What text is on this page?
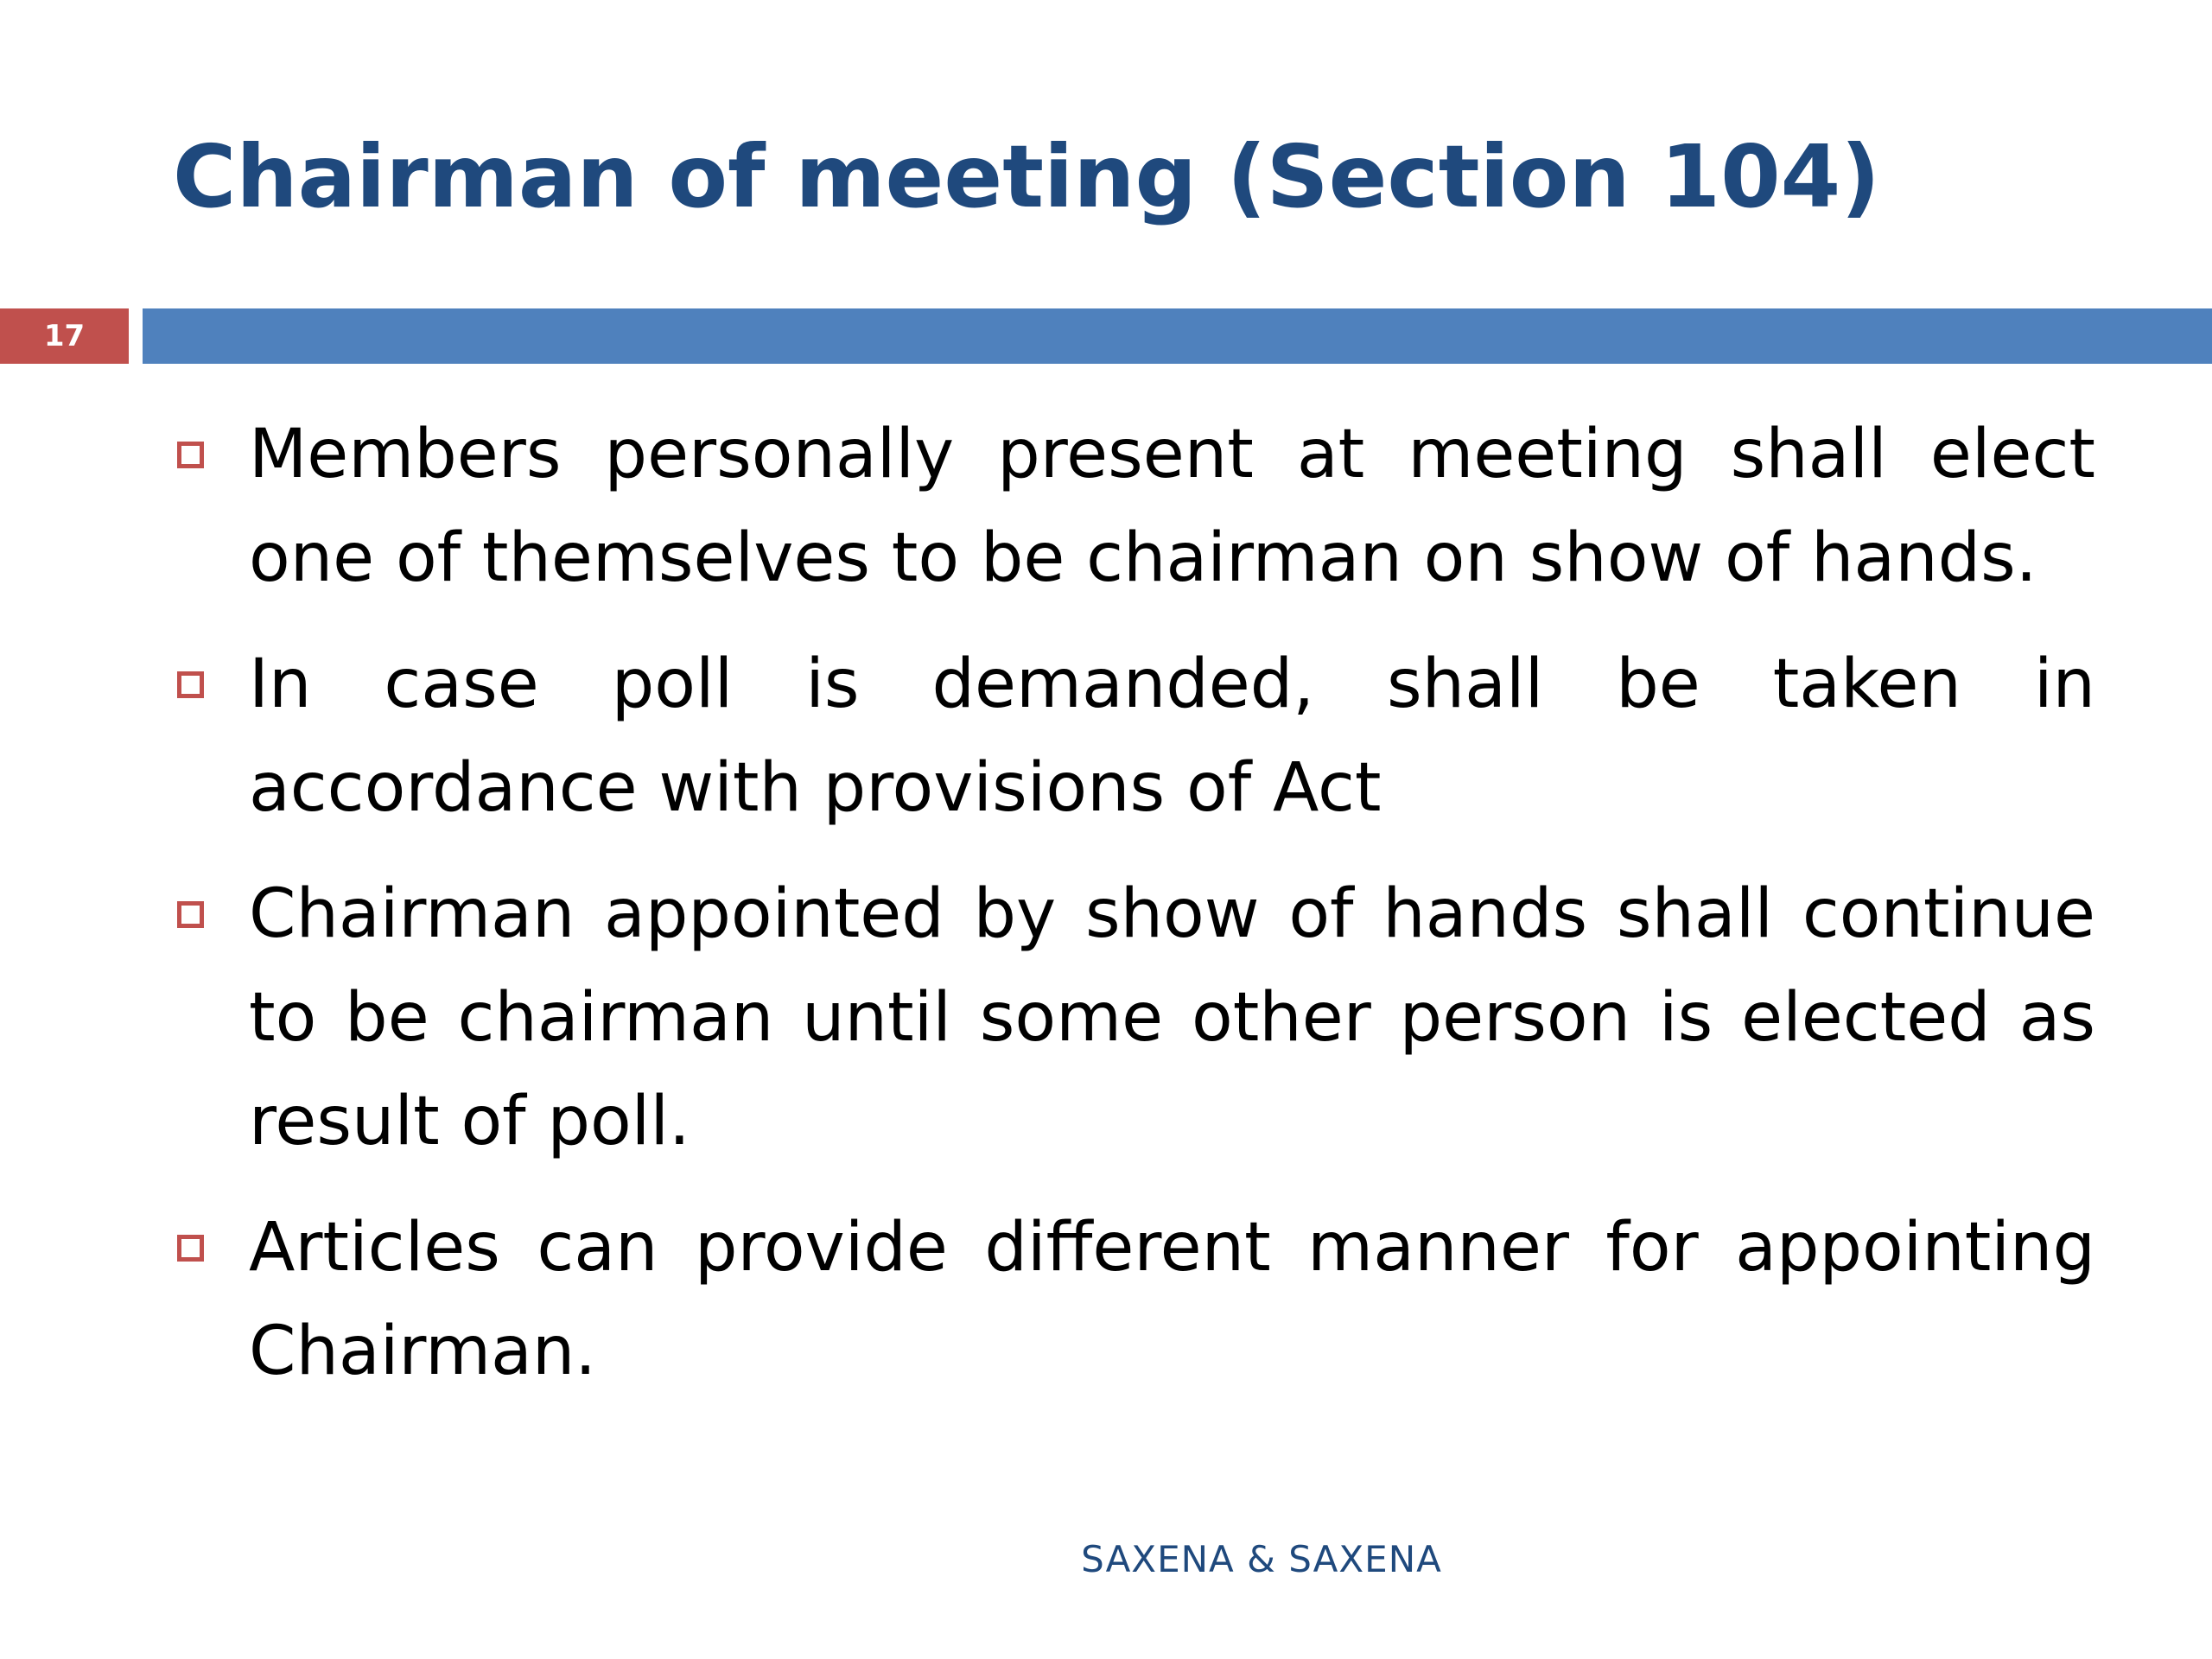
Chairman of meeting (Section 104)
17
Members personally present at meeting shall elect one of themselves to be chairman on show of hands.
In case poll is demanded, shall be taken in accordance with provisions of Act
Chairman appointed by show of hands shall continue to be chairman until some other person is elected as result of poll.
Articles can provide different manner for appointing Chairman.
SAXENA & SAXENA
